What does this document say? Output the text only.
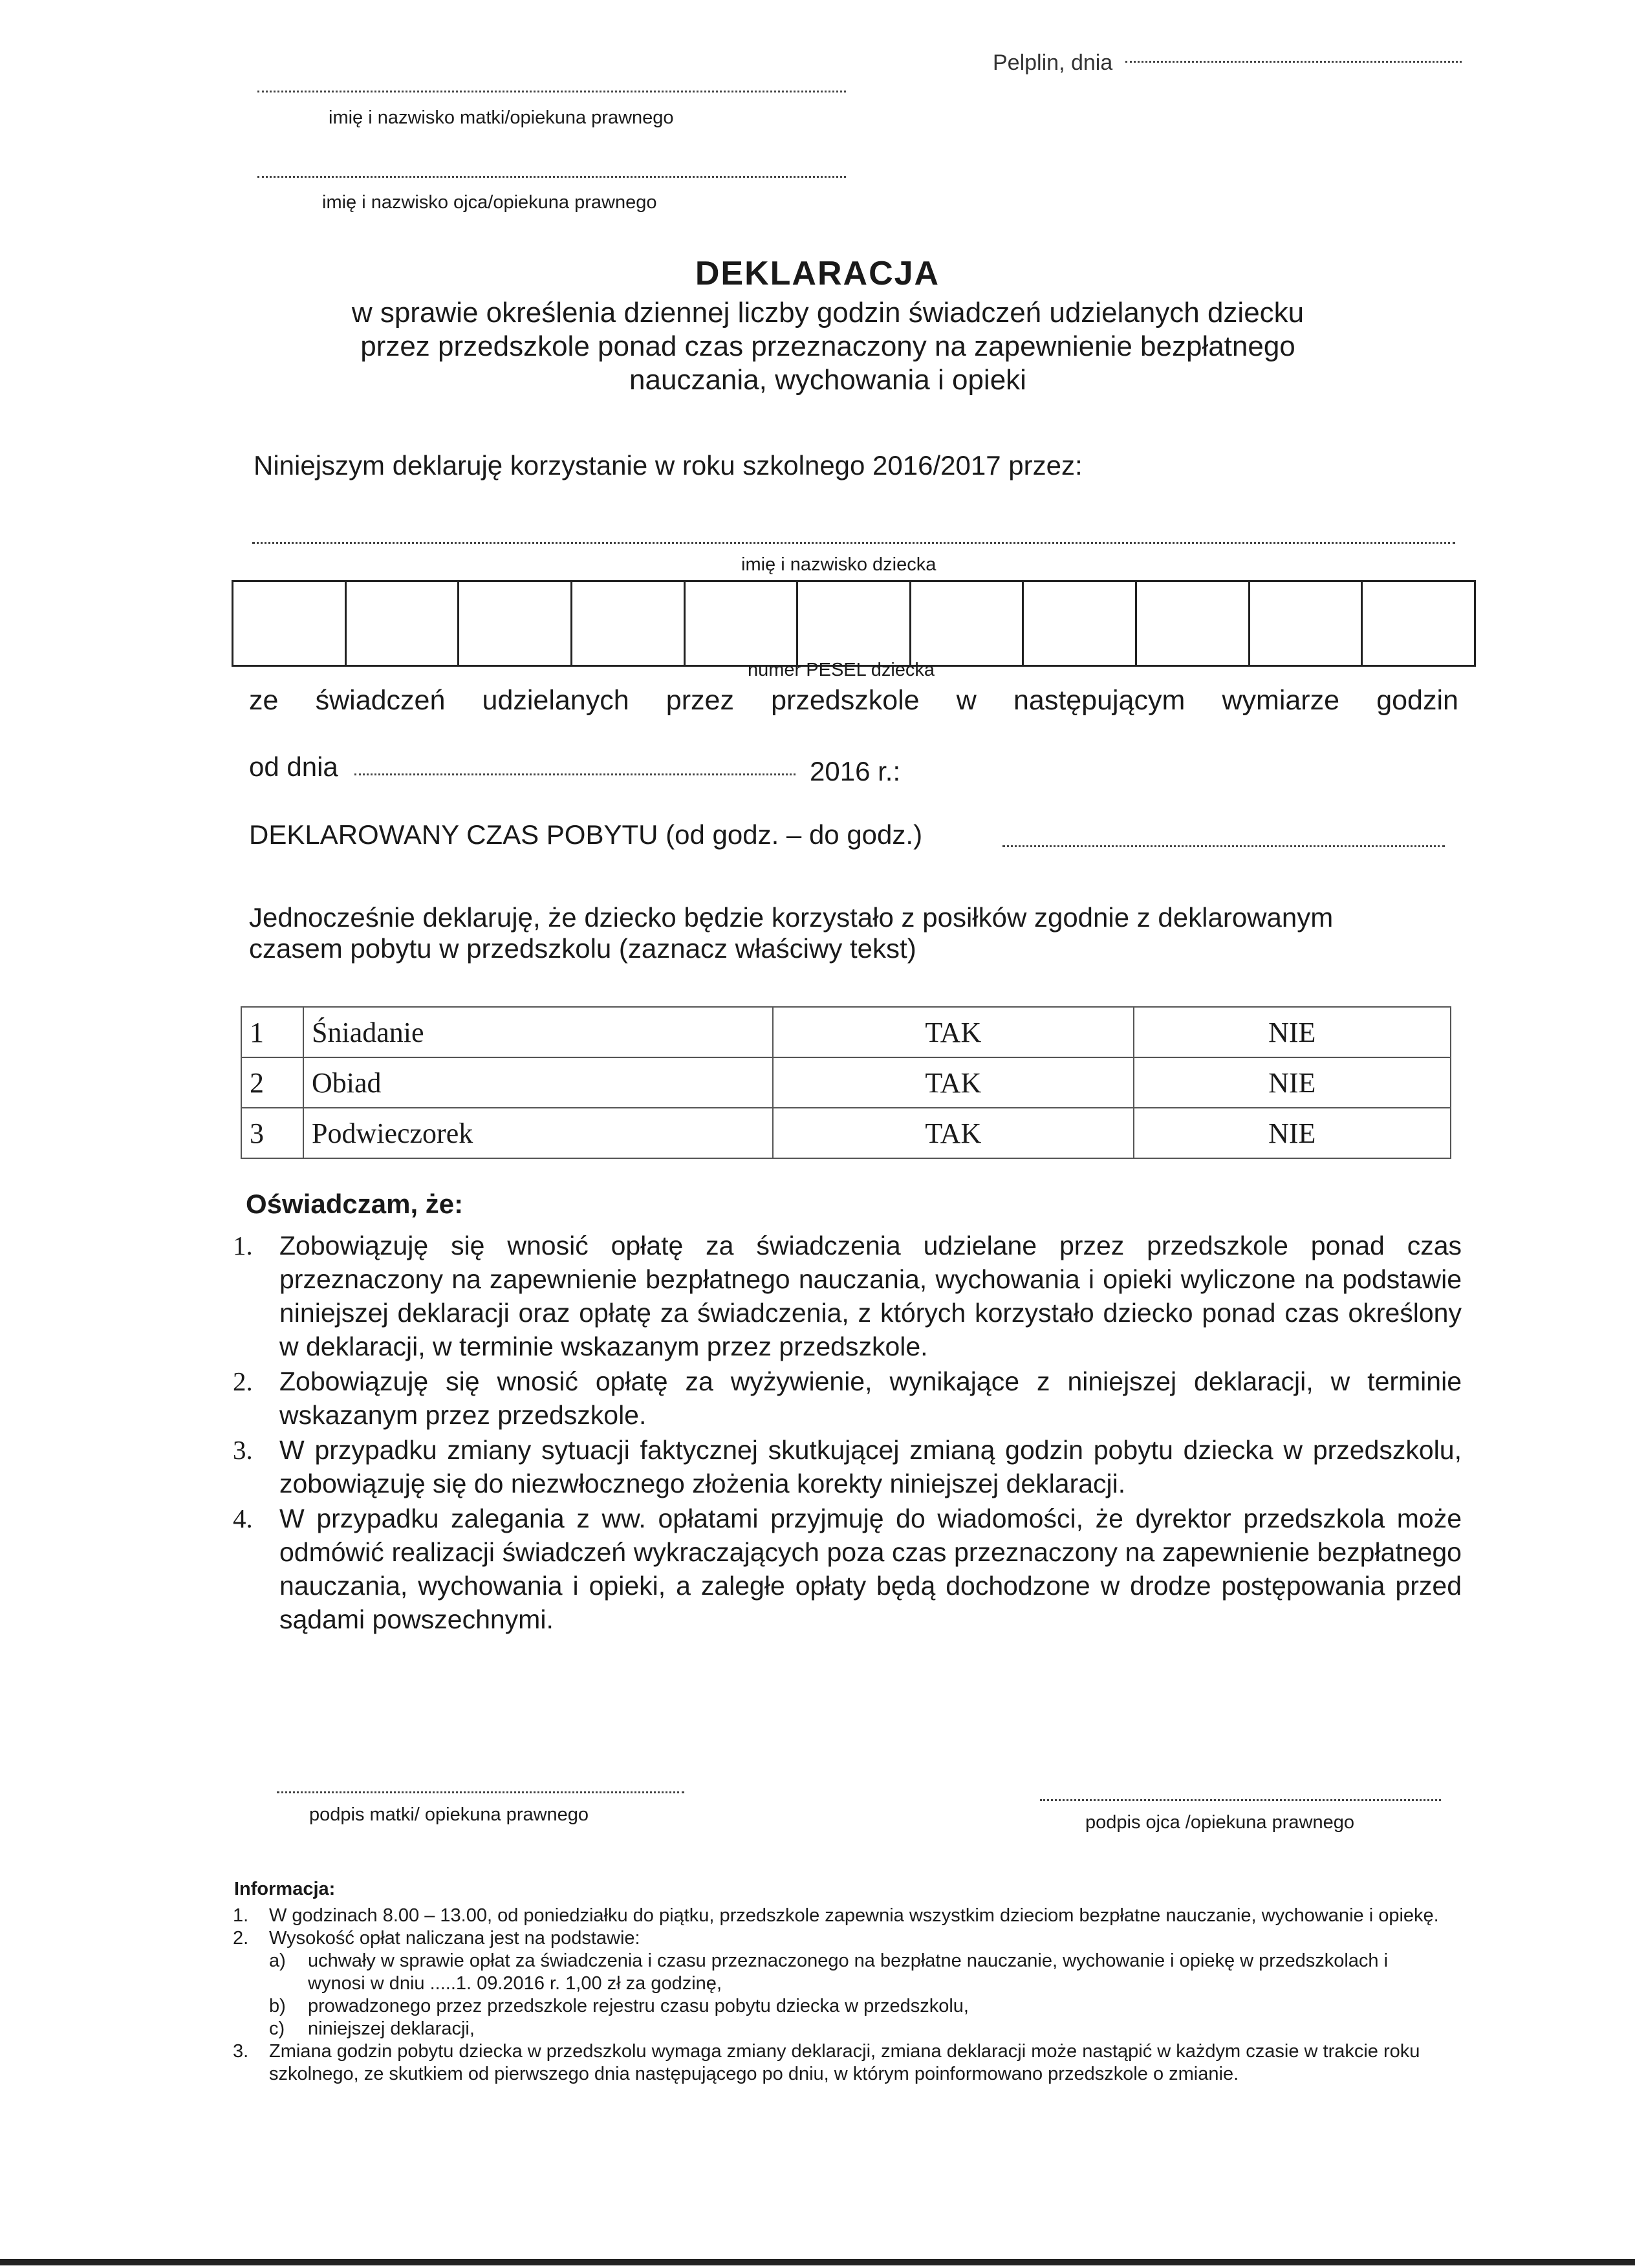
Pelplin, dnia
imię i nazwisko matki/opiekuna prawnego
imię i nazwisko ojca/opiekuna prawnego
DEKLARACJA
w sprawie określenia dziennej liczby godzin świadczeń udzielanych dziecku
przez przedszkole ponad czas przeznaczony na zapewnienie bezpłatnego
nauczania, wychowania i opieki
Niniejszym deklaruję korzystanie w roku szkolnego 2016/2017 przez:
imię i nazwisko dziecka
numer PESEL dziecka
ze świadczeń udzielanych przez przedszkole w następującym wymiarze godzin
od dnia	2016 r.:
DEKLAROWANY CZAS POBYTU (od godz. – do godz.)
Jednocześnie deklaruję, że dziecko będzie korzystało z posiłków zgodnie z deklarowanym
czasem pobytu w przedszkolu (zaznacz właściwy tekst)
1	Śniadanie	TAK	NIE
2	Obiad	TAK	NIE
3	Podwieczorek	TAK	NIE
Oświadczam, że:
1.	Zobowiązuję się wnosić opłatę za świadczenia udzielane przez przedszkole ponad czas przeznaczony na zapewnienie bezpłatnego nauczania, wychowania i opieki wyliczone na podstawie niniejszej deklaracji oraz opłatę za świadczenia, z których korzystało dziecko ponad czas określony w deklaracji, w terminie wskazanym przez przedszkole.
2.	Zobowiązuję się wnosić opłatę za wyżywienie, wynikające z niniejszej deklaracji, w terminie wskazanym przez przedszkole.
3.	W przypadku zmiany sytuacji faktycznej skutkującej zmianą godzin pobytu dziecka w przedszkolu, zobowiązuję się do niezwłocznego złożenia korekty niniejszej deklaracji.
4.	W przypadku zalegania z ww. opłatami przyjmuję do wiadomości, że dyrektor przedszkola może odmówić realizacji świadczeń wykraczających poza czas przeznaczony na zapewnienie bezpłatnego nauczania, wychowania i opieki, a zaległe opłaty będą dochodzone w drodze postępowania przed sądami powszechnymi.
podpis matki/ opiekuna prawnego	podpis ojca /opiekuna prawnego
Informacja:
1.	W godzinach 8.00 – 13.00, od poniedziałku do piątku, przedszkole zapewnia wszystkim dzieciom bezpłatne nauczanie, wychowanie i opiekę.
2.	Wysokość opłat naliczana jest na podstawie:
a)	uchwały w sprawie opłat za świadczenia i czasu przeznaczonego na bezpłatne nauczanie, wychowanie i opiekę w przedszkolach i wynosi w dniu .....1. 09.2016 r. 1,00 zł za godzinę,
b)	prowadzonego przez przedszkole rejestru czasu pobytu dziecka w przedszkolu,
c)	niniejszej deklaracji,
3.	Zmiana godzin pobytu dziecka w przedszkolu wymaga zmiany deklaracji, zmiana deklaracji może nastąpić w każdym czasie w trakcie roku szkolnego, ze skutkiem od pierwszego dnia następującego po dniu, w którym poinformowano przedszkole o zmianie.
